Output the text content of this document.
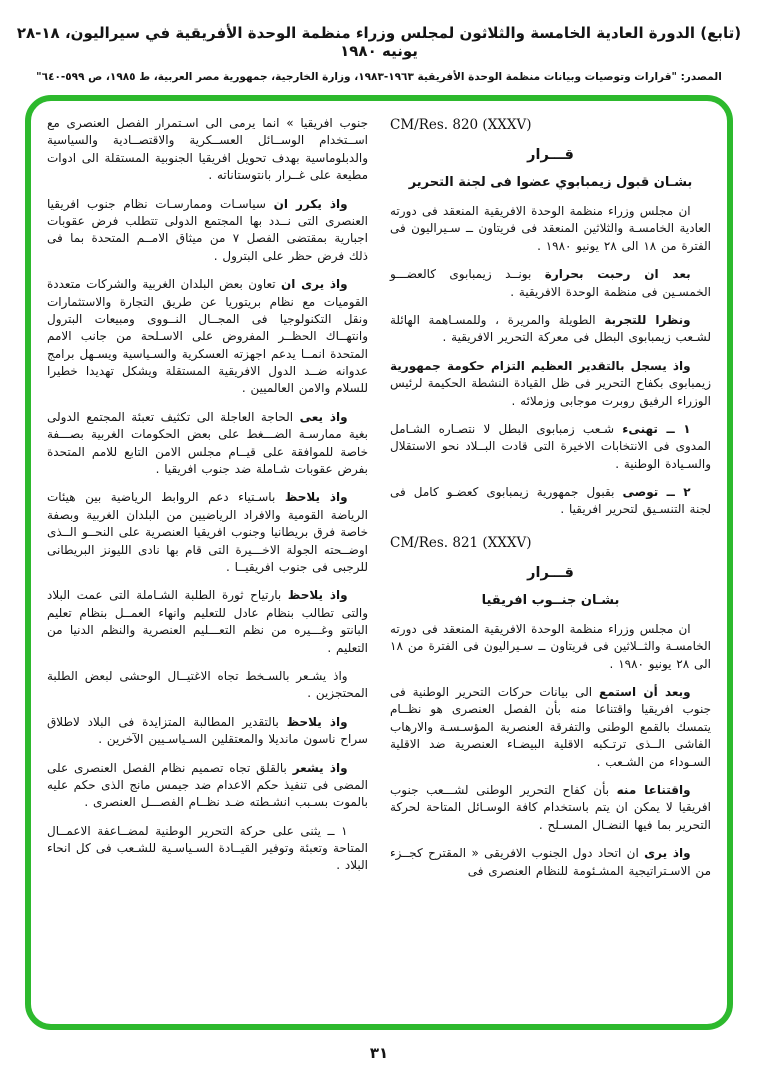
(تابع) الدورة العادية الخامسة والثلاثون لمجلس وزراء منظمة الوحدة الأفريقية في سيراليون، ١٨-٢٨ يونيه ١٩٨٠
المصدر: "قرارات وتوصيات وبيانات منظمة الوحدة الأفريقية ١٩٦٣-١٩٨٣، وزارة الخارجية، جمهورية مصر العربية، ط ١٩٨٥، ص ٥٩٩-٦٤٠"
CM/Res. 820 (XXXV)
قـــرار
بشـان قبول زيمبابوي عضوا فى لجنة التحرير

ان مجلس وزراء منظمة الوحدة الافريقية المنعقد فى دورته العادية الخامسـة والثلاثين المنعقد فى فريتاون ــ سـيراليون فى الفترة من ١٨ الى ٢٨ يونيو ١٩٨٠ .

بعد ان رحبت بحرارة بونــد زيمبابوى كالعضـــو الخمسـين فى منظمة الوحدة الافريقية .

ونظرا للتجربة الطويلة والمريرة ، وللمسـاهمة الهائلة لشـعب زيمبابوى البطل فى معركة التحرير الافريقية .

واذ يسجل بالتقدير العظيم التزام حكومة جمهورية زيمبابوى بكفاح التحرير فى ظل القيادة النشطة الحكيمة لرئيس الوزراء الرفيق روبرت موجابى وزملائه .

١ ــ تهنىء شـعب زمبابوى البطل لا نتصـاره الشـامل المدوى فى الانتخابات الاخيرة التى قادت البــلاد نحو الاستقلال والسـيادة الوطنية .

٢ ــ توصى بقبول جمهورية زيمبابوى كعضـو كامل فى لجنة التنسـيق لتحرير افريقيا .

CM/Res. 821 (XXXV)
قـــرار
بشـان جنــوب افريقيا

ان مجلس وزراء منظمة الوحدة الافريقية المنعقد فى دورته الخامسـة والثــلاثين فى فريتاون ــ سـيراليون فى الفترة من ١٨ الى ٢٨ يونيو ١٩٨٠ .

وبعد أن استمع الى بيانات حركات التحرير الوطنية فى جنوب افريقيا واقتناعا منه بأن الفصل العنصرى هو نظــام يتمسك بالقمع الوطنى والتفرقة العنصرية المؤسـسـة والارهاب الفاشى الــذى ترتـكبه الاقلية البيضـاء العنصرية ضد الاقلية السـوداء من الشـعب .

واقتناعا منه بأن كفاح التحرير الوطنى لشـــعب جنوب افريقيا لا يمكن ان يتم باستخدام كافة الوسـائل المتاحة لحركة التحرير بما فيها النضـال المسـلح .

واذ يرى ان اتحاد دول الجنوب الافريقى « المقترح كجــزء من الاسـتراتيجية المشـئومة للنظام العنصرى فى

جنوب افريقيا » انما يرمى الى اسـتمرار الفصل العنصرى مع اســتخدام الوســائل العســكرية والاقتصــادية والسياسية والدبلوماسية بهدف تحويل افريقيا الجنوبية المستقلة الى ادوات مطيعة على غــرار بانتوستاناته .

واذ يكرر ان سياسـات وممارسـات نظام جنوب افريقيا العنصرى التى نــدد بها المجتمع الدولى تتطلب فرض عقوبات اجبارية بمقتضى الفصل ٧ من ميثاق الامــم المتحدة بما فى ذلك فرض حظر على البترول .

واذ يرى ان تعاون بعض البلدان الغربية والشركات متعددة القوميات مع نظام بريتوريا عن طريق التجارة والاستثمارات ونقل التكنولوجيا فى المجــال النــووى ومبيعات البترول وانتهــاك الحظــر المفروض على الاسـلحة من جانب الامم المتحدة انمــا يدعم اجهزته العسكرية والسـياسية ويسـهل برامج عدوانه ضــد الدول الافريقية المستقلة ويشكل تهديدا خطيرا للسلام والامن العالميين .

واذ يعى الحاجة العاجلة الى تكثيف تعبئة المجتمع الدولى بغية ممارسـة الضـــغط على بعض الحكومات الغربية بصـــفة خاصة للموافقة على قيــام مجلس الامن التابع للامم المتحدة بفرض عقوبات شـاملة ضد جنوب افريقيا .

واذ يلاحظ باسـتياء دعم الروابط الرياضية بين هيئات الرياضة القومية والافراد الرياضيين من البلدان الغربية وبصفة خاصة فرق بريطانيا وجنوب افريقيا العنصرية على النحــو الــذى اوضــحته الجولة الاخـــيرة التى قام بها نادى الليونز البريطانى للرجبى فى جنوب افريقيــا .

واذ يلاحظ بارتياح ثورة الطلبة الشـاملة التى عمت البلاد والتى تطالب بنظام عادل للتعليم وانهاء العمــل بنظام تعليم البانتو وغـــيره من نظم التعـــليم العنصرية والنظم الدنيا من التعليم .

واذ يشـعر بالسـخط تجاه الاغتيــال الوحشى لبعض الطلبة المحتجزين .

واذ يلاحظ بالتقدير المطالبة المتزايدة فى البلاد لاطلاق سراح ناسون مانديلا والمعتقلين السـياسـيين الآخرين .

واذ يشعر بالقلق تجاه تصميم نظام الفصل العنصرى على المضى فى تنفيذ حكم الاعدام ضد جيمس مانج الذى حكم عليه بالموت بسـبب انشـطته ضـد نظــام الفصـــل العنصرى .

١ ــ يثنى على حركة التحرير الوطنية لمضــاعفة الاعمــال المتاحة وتعبئة وتوفير القيــادة السـياسـية للشـعب فى كل انحاء البلاد .

٣١
